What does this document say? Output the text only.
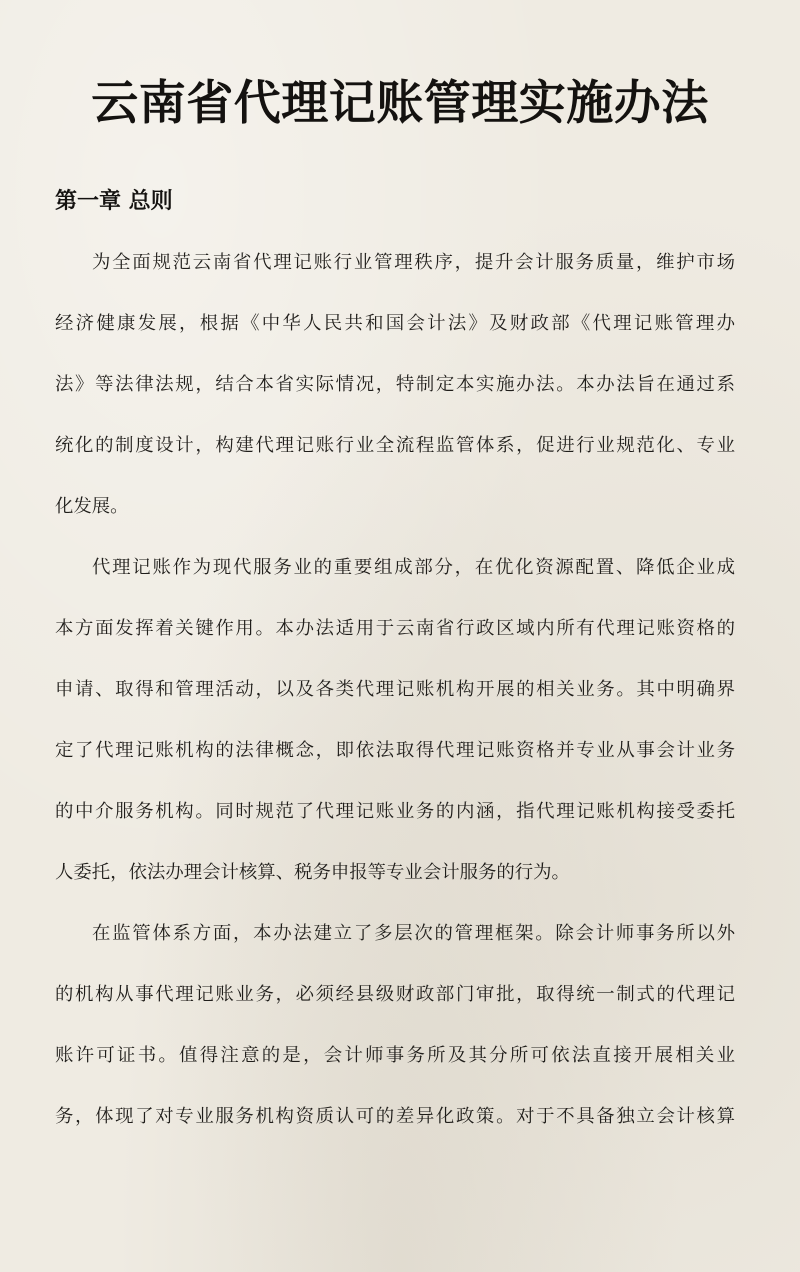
云南省代理记账管理实施办法
第一章 总则
为全面规范云南省代理记账行业管理秩序，提升会计服务质量，维护市场
经济健康发展，根据《中华人民共和国会计法》及财政部《代理记账管理办
法》等法律法规，结合本省实际情况，特制定本实施办法。本办法旨在通过系
统化的制度设计，构建代理记账行业全流程监管体系，促进行业规范化、专业
化发展。
代理记账作为现代服务业的重要组成部分，在优化资源配置、降低企业成
本方面发挥着关键作用。本办法适用于云南省行政区域内所有代理记账资格的
申请、取得和管理活动，以及各类代理记账机构开展的相关业务。其中明确界
定了代理记账机构的法律概念，即依法取得代理记账资格并专业从事会计业务
的中介服务机构。同时规范了代理记账业务的内涵，指代理记账机构接受委托
人委托，依法办理会计核算、税务申报等专业会计服务的行为。
在监管体系方面，本办法建立了多层次的管理框架。除会计师事务所以外
的机构从事代理记账业务，必须经县级财政部门审批，取得统一制式的代理记
账许可证书。值得注意的是，会计师事务所及其分所可依法直接开展相关业
务，体现了对专业服务机构资质认可的差异化政策。对于不具备独立会计核算
